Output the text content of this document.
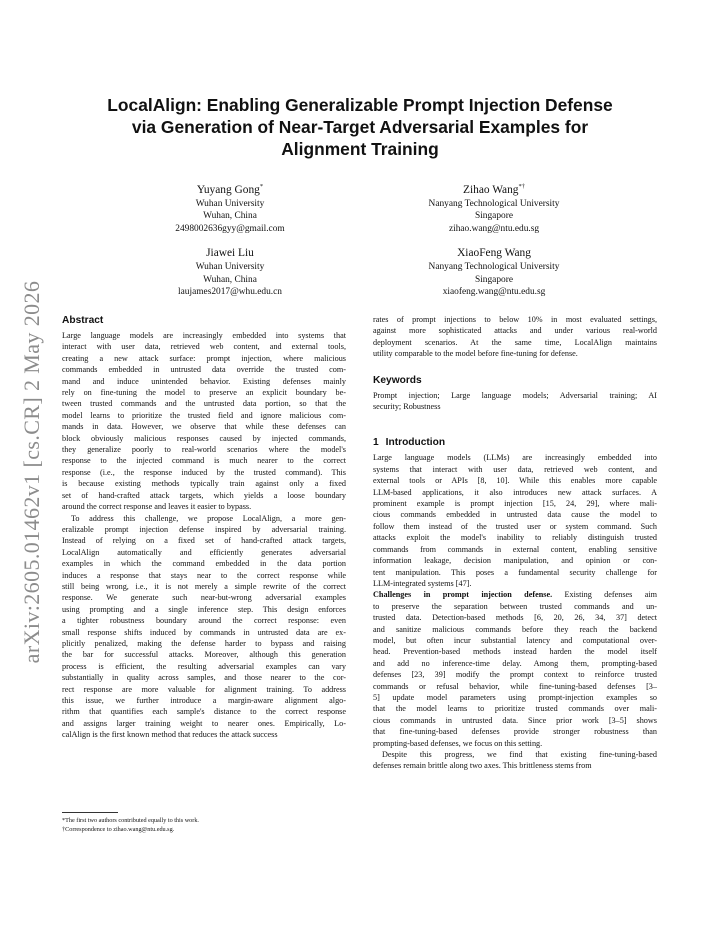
arXiv:2605.01462v1 [cs.CR] 2 May 2026
LocalAlign: Enabling Generalizable Prompt Injection Defense
via Generation of Near-Target Adversarial Examples for
Alignment Training
Yuyang Gong*
Wuhan University
Wuhan, China
2498002636gyy@gmail.com
Zihao Wang*†
Nanyang Technological University
Singapore
zihao.wang@ntu.edu.sg
Jiawei Liu
Wuhan University
Wuhan, China
laujames2017@whu.edu.cn
XiaoFeng Wang
Nanyang Technological University
Singapore
xiaofeng.wang@ntu.edu.sg
Abstract
Large language models are increasingly embedded into systems that
interact with user data, retrieved web content, and external tools,
creating a new attack surface: prompt injection, where malicious
commands embedded in untrusted data override the trusted com-
mand and induce unintended behavior. Existing defenses mainly
rely on fine-tuning the model to preserve an explicit boundary be-
tween trusted commands and the untrusted data portion, so that the
model learns to prioritize the trusted field and ignore malicious com-
mands in data. However, we observe that while these defenses can
block obviously malicious responses caused by injected commands,
they generalize poorly to real-world scenarios where the model's
response to the injected command is much nearer to the correct
response (i.e., the response induced by the trusted command). This
is because existing methods typically train against only a fixed
set of hand-crafted attack targets, which yields a loose boundary
around the correct response and leaves it easier to bypass.
To address this challenge, we propose LocalAlign, a more gen-
eralizable prompt injection defense inspired by adversarial training.
Instead of relying on a fixed set of hand-crafted attack targets,
LocalAlign automatically and efficiently generates adversarial
examples in which the command embedded in the data portion
induces a response that stays near to the correct response while
still being wrong, i.e., it is not merely a simple rewrite of the correct
response. We generate such near-but-wrong adversarial examples
using prompting and a single inference step. This design enforces
a tighter robustness boundary around the correct response: even
small response shifts induced by commands in untrusted data are ex-
plicitly penalized, making the defense harder to bypass and raising
the bar for successful attacks. Moreover, although this generation
process is efficient, the resulting adversarial examples can vary
substantially in quality across samples, and those nearer to the cor-
rect response are more valuable for alignment training. To address
this issue, we further introduce a margin-aware alignment algo-
rithm that quantifies each sample's distance to the correct response
and assigns larger training weight to nearer ones. Empirically, Lo-
calAlign is the first known method that reduces the attack success
rates of prompt injections to below 10% in most evaluated settings,
against more sophisticated attacks and under various real-world
deployment scenarios. At the same time, LocalAlign maintains
utility comparable to the model before fine-tuning for defense.
Keywords
Prompt injection; Large language models; Adversarial training; AI
security; Robustness
1 Introduction
Large language models (LLMs) are increasingly embedded into
systems that interact with user data, retrieved web content, and
external tools or APIs [8, 10]. While this enables more capable
LLM-based applications, it also introduces new attack surfaces. A
prominent example is prompt injection [15, 24, 29], where mali-
cious commands embedded in untrusted data cause the model to
follow them instead of the trusted user or system command. Such
attacks exploit the model's inability to reliably distinguish trusted
commands from commands in external content, enabling sensitive
information leakage, decision manipulation, and opinion or con-
tent manipulation. This poses a fundamental security challenge for
LLM-integrated systems [47].
Challenges in prompt injection defense. Existing defenses aim
to preserve the separation between trusted commands and un-
trusted data. Detection-based methods [6, 20, 26, 34, 37] detect
and sanitize malicious commands before they reach the backend
model, but often incur substantial latency and computational over-
head. Prevention-based methods instead harden the model itself
and add no inference-time delay. Among them, prompting-based
defenses [23, 39] modify the prompt context to reinforce trusted
commands or refusal behavior, while fine-tuning-based defenses [3–
5] update model parameters using prompt-injection examples so
that the model learns to prioritize trusted commands over mali-
cious commands in untrusted data. Since prior work [3–5] shows
that fine-tuning-based defenses provide stronger robustness than
prompting-based defenses, we focus on this setting.
Despite this progress, we find that existing fine-tuning-based
defenses remain brittle along two axes. This brittleness stems from
*The first two authors contributed equally to this work.
†Correspondence to zihao.wang@ntu.edu.sg.
